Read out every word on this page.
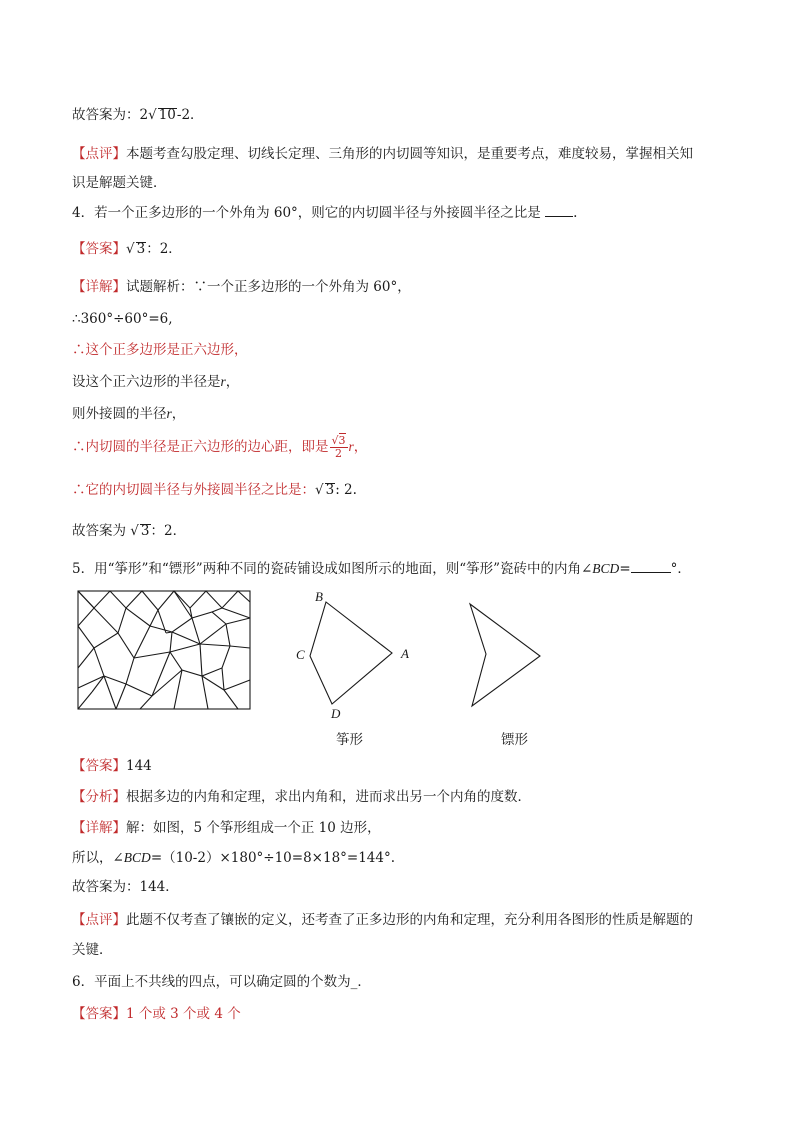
故答案为：2√ 10-2．
【点评】本题考查勾股定理、切线长定理、三角形的内切圆等知识，是重要考点，难度较易，掌握相关知
识是解题关键．
4．若一个正多边形的一个外角为 60°，则它的内切圆半径与外接圆半径之比是 .
【答案】√ 3：2．
【详解】试题解析：∵一个正多边形的一个外角为 60°，
∴360°÷60°=6,
∴这个正多边形是正六边形，
设这个正六边形的半径是r，
则外接圆的半径r，
∴内切圆的半径是正六边形的边心距，即是 $\frac{√3}{2}$ r，
∴它的内切圆半径与外接圆半径之比是：√ 3: 2.
故答案为 √ 3：2．
5．用“筝形”和“镖形”两种不同的瓷砖铺设成如图所示的地面，则“筝形”瓷砖中的内角∠BCD=	°．
B
C	A
D
筝形	镖形
【答案】144
【分析】根据多边的内角和定理，求出内角和，进而求出另一个内角的度数．
【详解】解：如图，5 个筝形组成一个正 10 边形，
所以，∠BCD=（10-2）×180°÷10=8×18°=144°.
故答案为：144．
【点评】此题不仅考查了镶嵌的定义，还考查了正多边形的内角和定理，充分利用各图形的性质是解题的
关键．
6．平面上不共线的四点，可以确定圆的个数为_．
【答案】1 个或 3 个或 4 个
